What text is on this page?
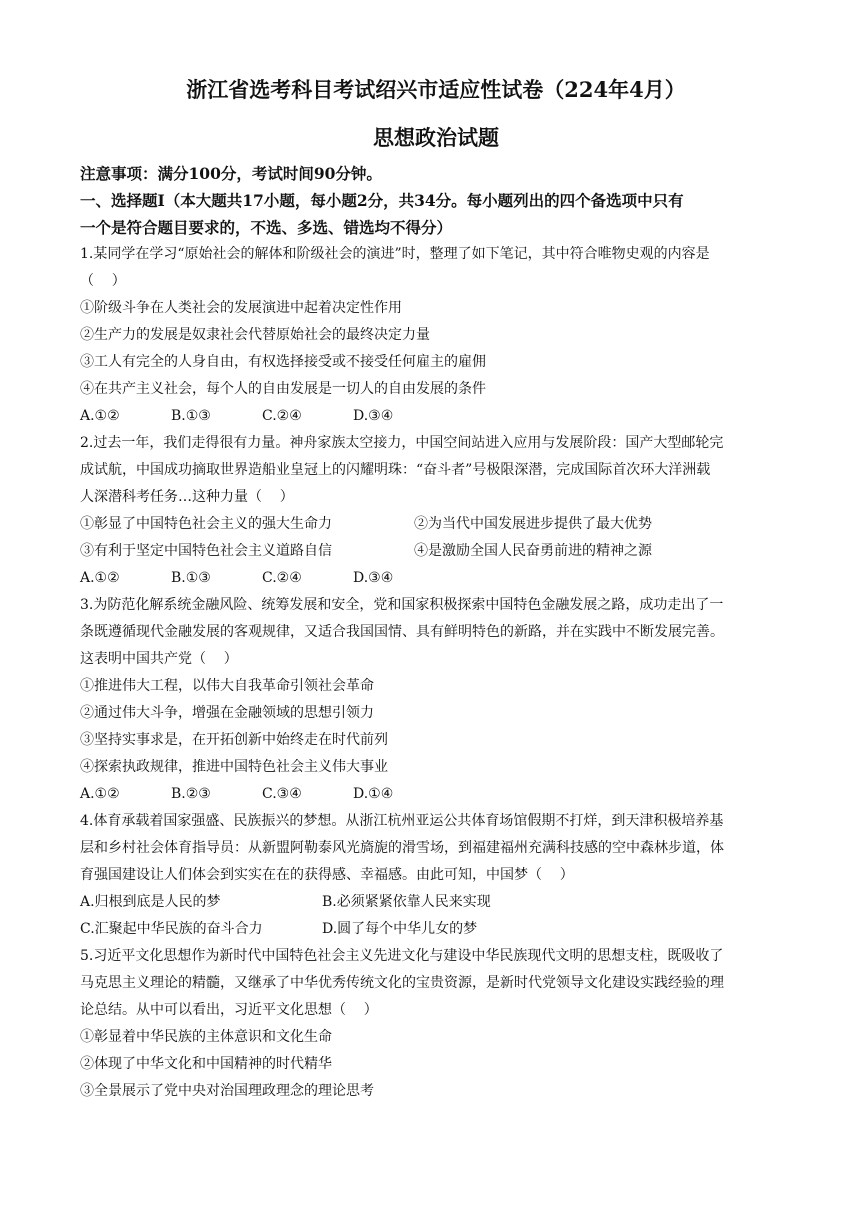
浙江省选考科目考试绍兴市适应性试卷（224年4月）
思想政治试题

注意事项：满分100分，考试时间90分钟。

一、选择题Ⅰ（本大题共17小题，每小题2分，共34分。每小题列出的四个备选项中只有

一个是符合题目要求的，不选、多选、错选均不得分）

1.某同学在学习“原始社会的解体和阶级社会的演进”时，整理了如下笔记，其中符合唯物史观的内容是

（    ）

①阶级斗争在人类社会的发展演进中起着决定性作用

②生产力的发展是奴隶社会代替原始社会的最终决定力量

③工人有完全的人身自由，有权选择接受或不接受任何雇主的雇佣

④在共产主义社会，每个人的自由发展是一切人的自由发展的条件

A.①②	B.①③	C.②④	D.③④

2.过去一年，我们走得很有力量。神舟家族太空接力，中国空间站进入应用与发展阶段：国产大型邮轮完

成试航，中国成功摘取世界造船业皇冠上的闪耀明珠：“奋斗者”号极限深潜，完成国际首次环大洋洲载

人深潜科考任务…这种力量（    ）

①彰显了中国特色社会主义的强大生命力	②为当代中国发展进步提供了最大优势
③有利于坚定中国特色社会主义道路自信	④是激励全国人民奋勇前进的精神之源
A.①②	B.①③	C.②④	D.③④

3.为防范化解系统金融风险、统筹发展和安全，党和国家积极探索中国特色金融发展之路，成功走出了一

条既遵循现代金融发展的客观规律，又适合我国国情、具有鲜明特色的新路，并在实践中不断发展完善。

这表明中国共产党（    ）

①推进伟大工程，以伟大自我革命引领社会革命

②通过伟大斗争，增强在金融领域的思想引领力

③坚持实事求是，在开拓创新中始终走在时代前列

④探索执政规律，推进中国特色社会主义伟大事业

A.①②	B.②③	C.③④	D.①④

4.体育承载着国家强盛、民族振兴的梦想。从浙江杭州亚运公共体育场馆假期不打烊，到天津积极培养基

层和乡村社会体育指导员：从新盟阿勒泰风光旖旎的滑雪场，到福建福州充满科技感的空中森林步道，体

育强国建设让人们体会到实实在在的获得感、幸福感。由此可知，中国梦（    ）

A.归根到底是人民的梦	B.必须紧紧依靠人民来实现
C.汇聚起中华民族的奋斗合力	D.圆了每个中华儿女的梦

5.习近平文化思想作为新时代中国特色社会主义先进文化与建设中华民族现代文明的思想支柱，既吸收了

马克思主义理论的精髓，又继承了中华优秀传统文化的宝贵资源，是新时代党领导文化建设实践经验的理

论总结。从中可以看出，习近平文化思想（    ）

①彰显着中华民族的主体意识和文化生命

②体现了中华文化和中国精神的时代精华

③全景展示了党中央对治国理政理念的理论思考
